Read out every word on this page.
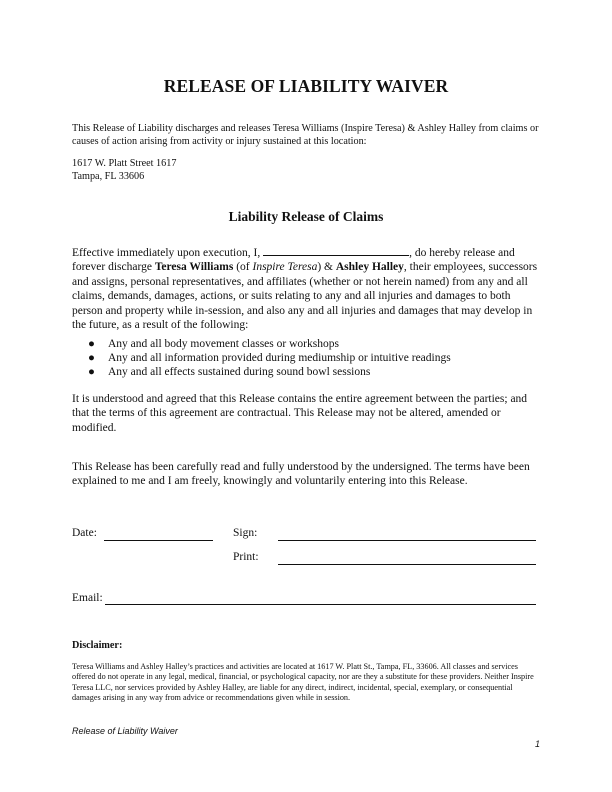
RELEASE OF LIABILITY WAIVER
This Release of Liability discharges and releases Teresa Williams (Inspire Teresa) & Ashley Halley from claims or causes of action arising from activity or injury sustained at this location:
1617 W. Platt Street 1617
Tampa, FL 33606
Liability Release of Claims
Effective immediately upon execution, I,	, do hereby release and forever discharge Teresa Williams (of Inspire Teresa) & Ashley Halley, their employees, successors and assigns, personal representatives, and affiliates (whether or not herein named) from any and all claims, demands, damages, actions, or suits relating to any and all injuries and damages to both person and property while in-session, and also any and all injuries and damages that may develop in the future, as a result of the following:
● Any and all body movement classes or workshops
● Any and all information provided during mediumship or intuitive readings
● Any and all effects sustained during sound bowl sessions
It is understood and agreed that this Release contains the entire agreement between the parties; and that the terms of this agreement are contractual. This Release may not be altered, amended or modified.
This Release has been carefully read and fully understood by the undersigned. The terms have been explained to me and I am freely, knowingly and voluntarily entering into this Release.
Date:	Sign:
Print:
Email:
Disclaimer:
Teresa Williams and Ashley Halley’s practices and activities are located at 1617 W. Platt St., Tampa, FL, 33606. All classes and services offered do not operate in any legal, medical, financial, or psychological capacity, nor are they a substitute for these providers. Neither Inspire Teresa LLC, nor services provided by Ashley Halley, are liable for any direct, indirect, incidental, special, exemplary, or consequential damages arising in any way from advice or recommendations given while in session.
Release of Liability Waiver
1
